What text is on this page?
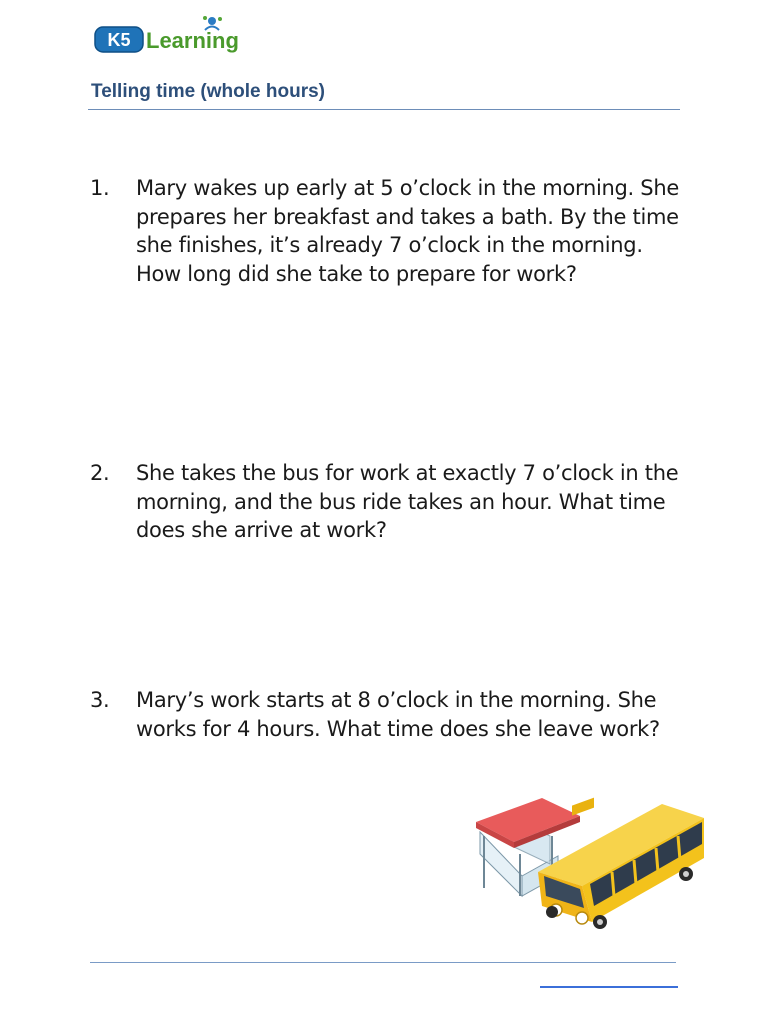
K5 Learning
Telling time (whole hours)
1. Mary wakes up early at 5 o’clock in the morning. She prepares her breakfast and takes a bath. By the time she finishes, it’s already 7 o’clock in the morning. How long did she take to prepare for work?

2. She takes the bus for work at exactly 7 o’clock in the morning, and the bus ride takes an hour. What time does she arrive at work?

3. Mary’s work starts at 8 o’clock in the morning. She works for 4 hours. What time does she leave work?
